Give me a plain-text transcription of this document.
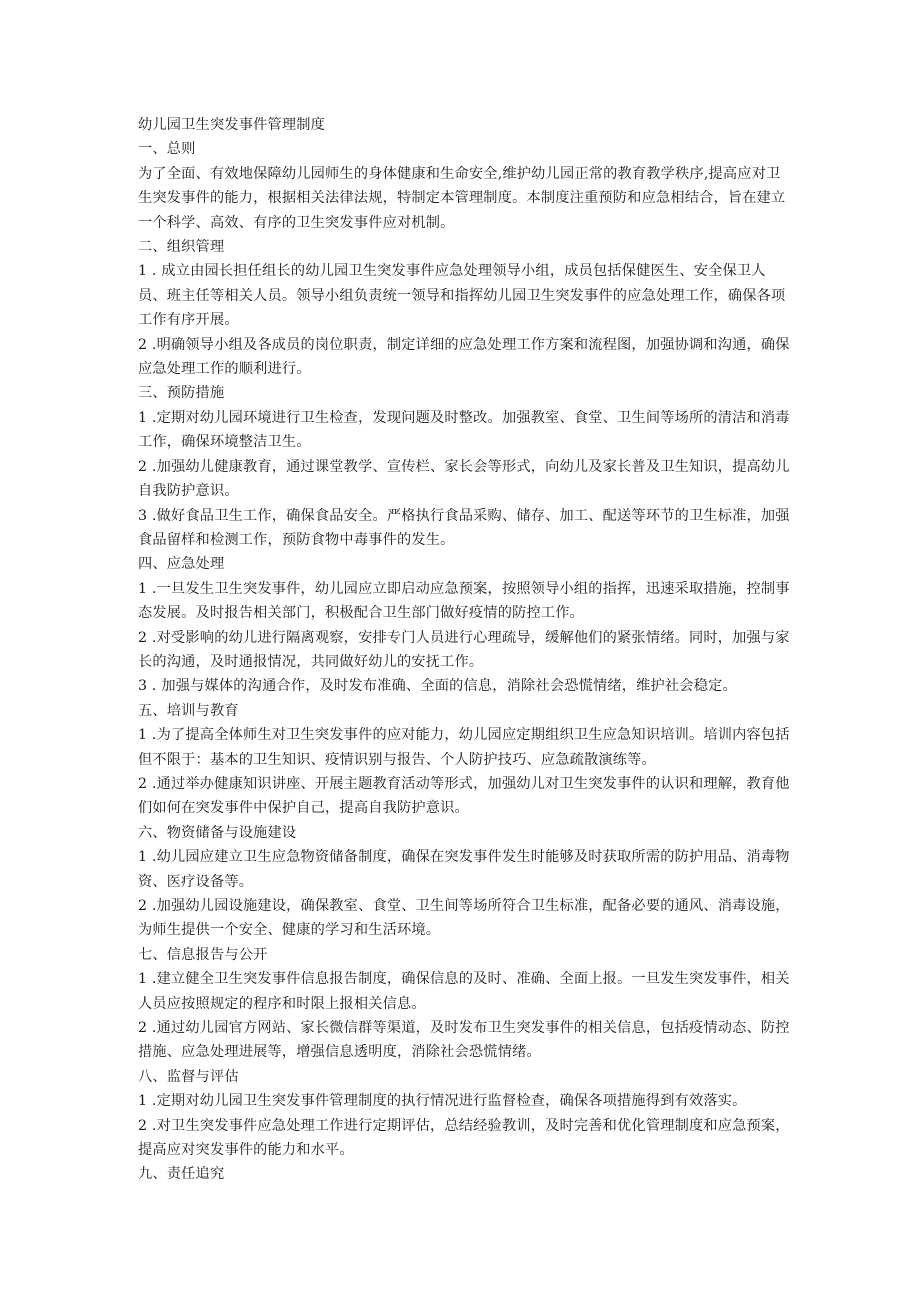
幼儿园卫生突发事件管理制度

一、总则

为了全面、有效地保障幼儿园师生的身体健康和生命安全,维护幼儿园正常的教育教学秩序,提高应对卫生突发事件的能力，根据相关法律法规，特制定本管理制度。本制度注重预防和应急相结合，旨在建立一个科学、高效、有序的卫生突发事件应对机制。

二、组织管理

1 . 成立由园长担任组长的幼儿园卫生突发事件应急处理领导小组，成员包括保健医生、安全保卫人员、班主任等相关人员。领导小组负责统一领导和指挥幼儿园卫生突发事件的应急处理工作，确保各项工作有序开展。

2 .明确领导小组及各成员的岗位职责，制定详细的应急处理工作方案和流程图，加强协调和沟通，确保应急处理工作的顺利进行。

三、预防措施

1 .定期对幼儿园环境进行卫生检查，发现问题及时整改。加强教室、食堂、卫生间等场所的清洁和消毒工作，确保环境整洁卫生。

2 .加强幼儿健康教育，通过课堂教学、宣传栏、家长会等形式，向幼儿及家长普及卫生知识，提高幼儿自我防护意识。

3 .做好食品卫生工作，确保食品安全。严格执行食品采购、储存、加工、配送等环节的卫生标准，加强食品留样和检测工作，预防食物中毒事件的发生。

四、应急处理

1 .一旦发生卫生突发事件，幼儿园应立即启动应急预案，按照领导小组的指挥，迅速采取措施，控制事态发展。及时报告相关部门，积极配合卫生部门做好疫情的防控工作。

2 .对受影响的幼儿进行隔离观察，安排专门人员进行心理疏导，缓解他们的紧张情绪。同时，加强与家长的沟通，及时通报情况，共同做好幼儿的安抚工作。

3 . 加强与媒体的沟通合作，及时发布准确、全面的信息，消除社会恐慌情绪，维护社会稳定。

五、培训与教育

1 .为了提高全体师生对卫生突发事件的应对能力，幼儿园应定期组织卫生应急知识培训。培训内容包括但不限于：基本的卫生知识、疫情识别与报告、个人防护技巧、应急疏散演练等。

2 .通过举办健康知识讲座、开展主题教育活动等形式，加强幼儿对卫生突发事件的认识和理解，教育他们如何在突发事件中保护自己，提高自我防护意识。

六、物资储备与设施建设

1 .幼儿园应建立卫生应急物资储备制度，确保在突发事件发生时能够及时获取所需的防护用品、消毒物资、医疗设备等。

2 .加强幼儿园设施建设，确保教室、食堂、卫生间等场所符合卫生标准，配备必要的通风、消毒设施，为师生提供一个安全、健康的学习和生活环境。

七、信息报告与公开

1 .建立健全卫生突发事件信息报告制度，确保信息的及时、准确、全面上报。一旦发生突发事件，相关人员应按照规定的程序和时限上报相关信息。

2 .通过幼儿园官方网站、家长微信群等渠道，及时发布卫生突发事件的相关信息，包括疫情动态、防控措施、应急处理进展等，增强信息透明度，消除社会恐慌情绪。

八、监督与评估

1 .定期对幼儿园卫生突发事件管理制度的执行情况进行监督检查，确保各项措施得到有效落实。

2 .对卫生突发事件应急处理工作进行定期评估，总结经验教训，及时完善和优化管理制度和应急预案，提高应对突发事件的能力和水平。

九、责任追究
